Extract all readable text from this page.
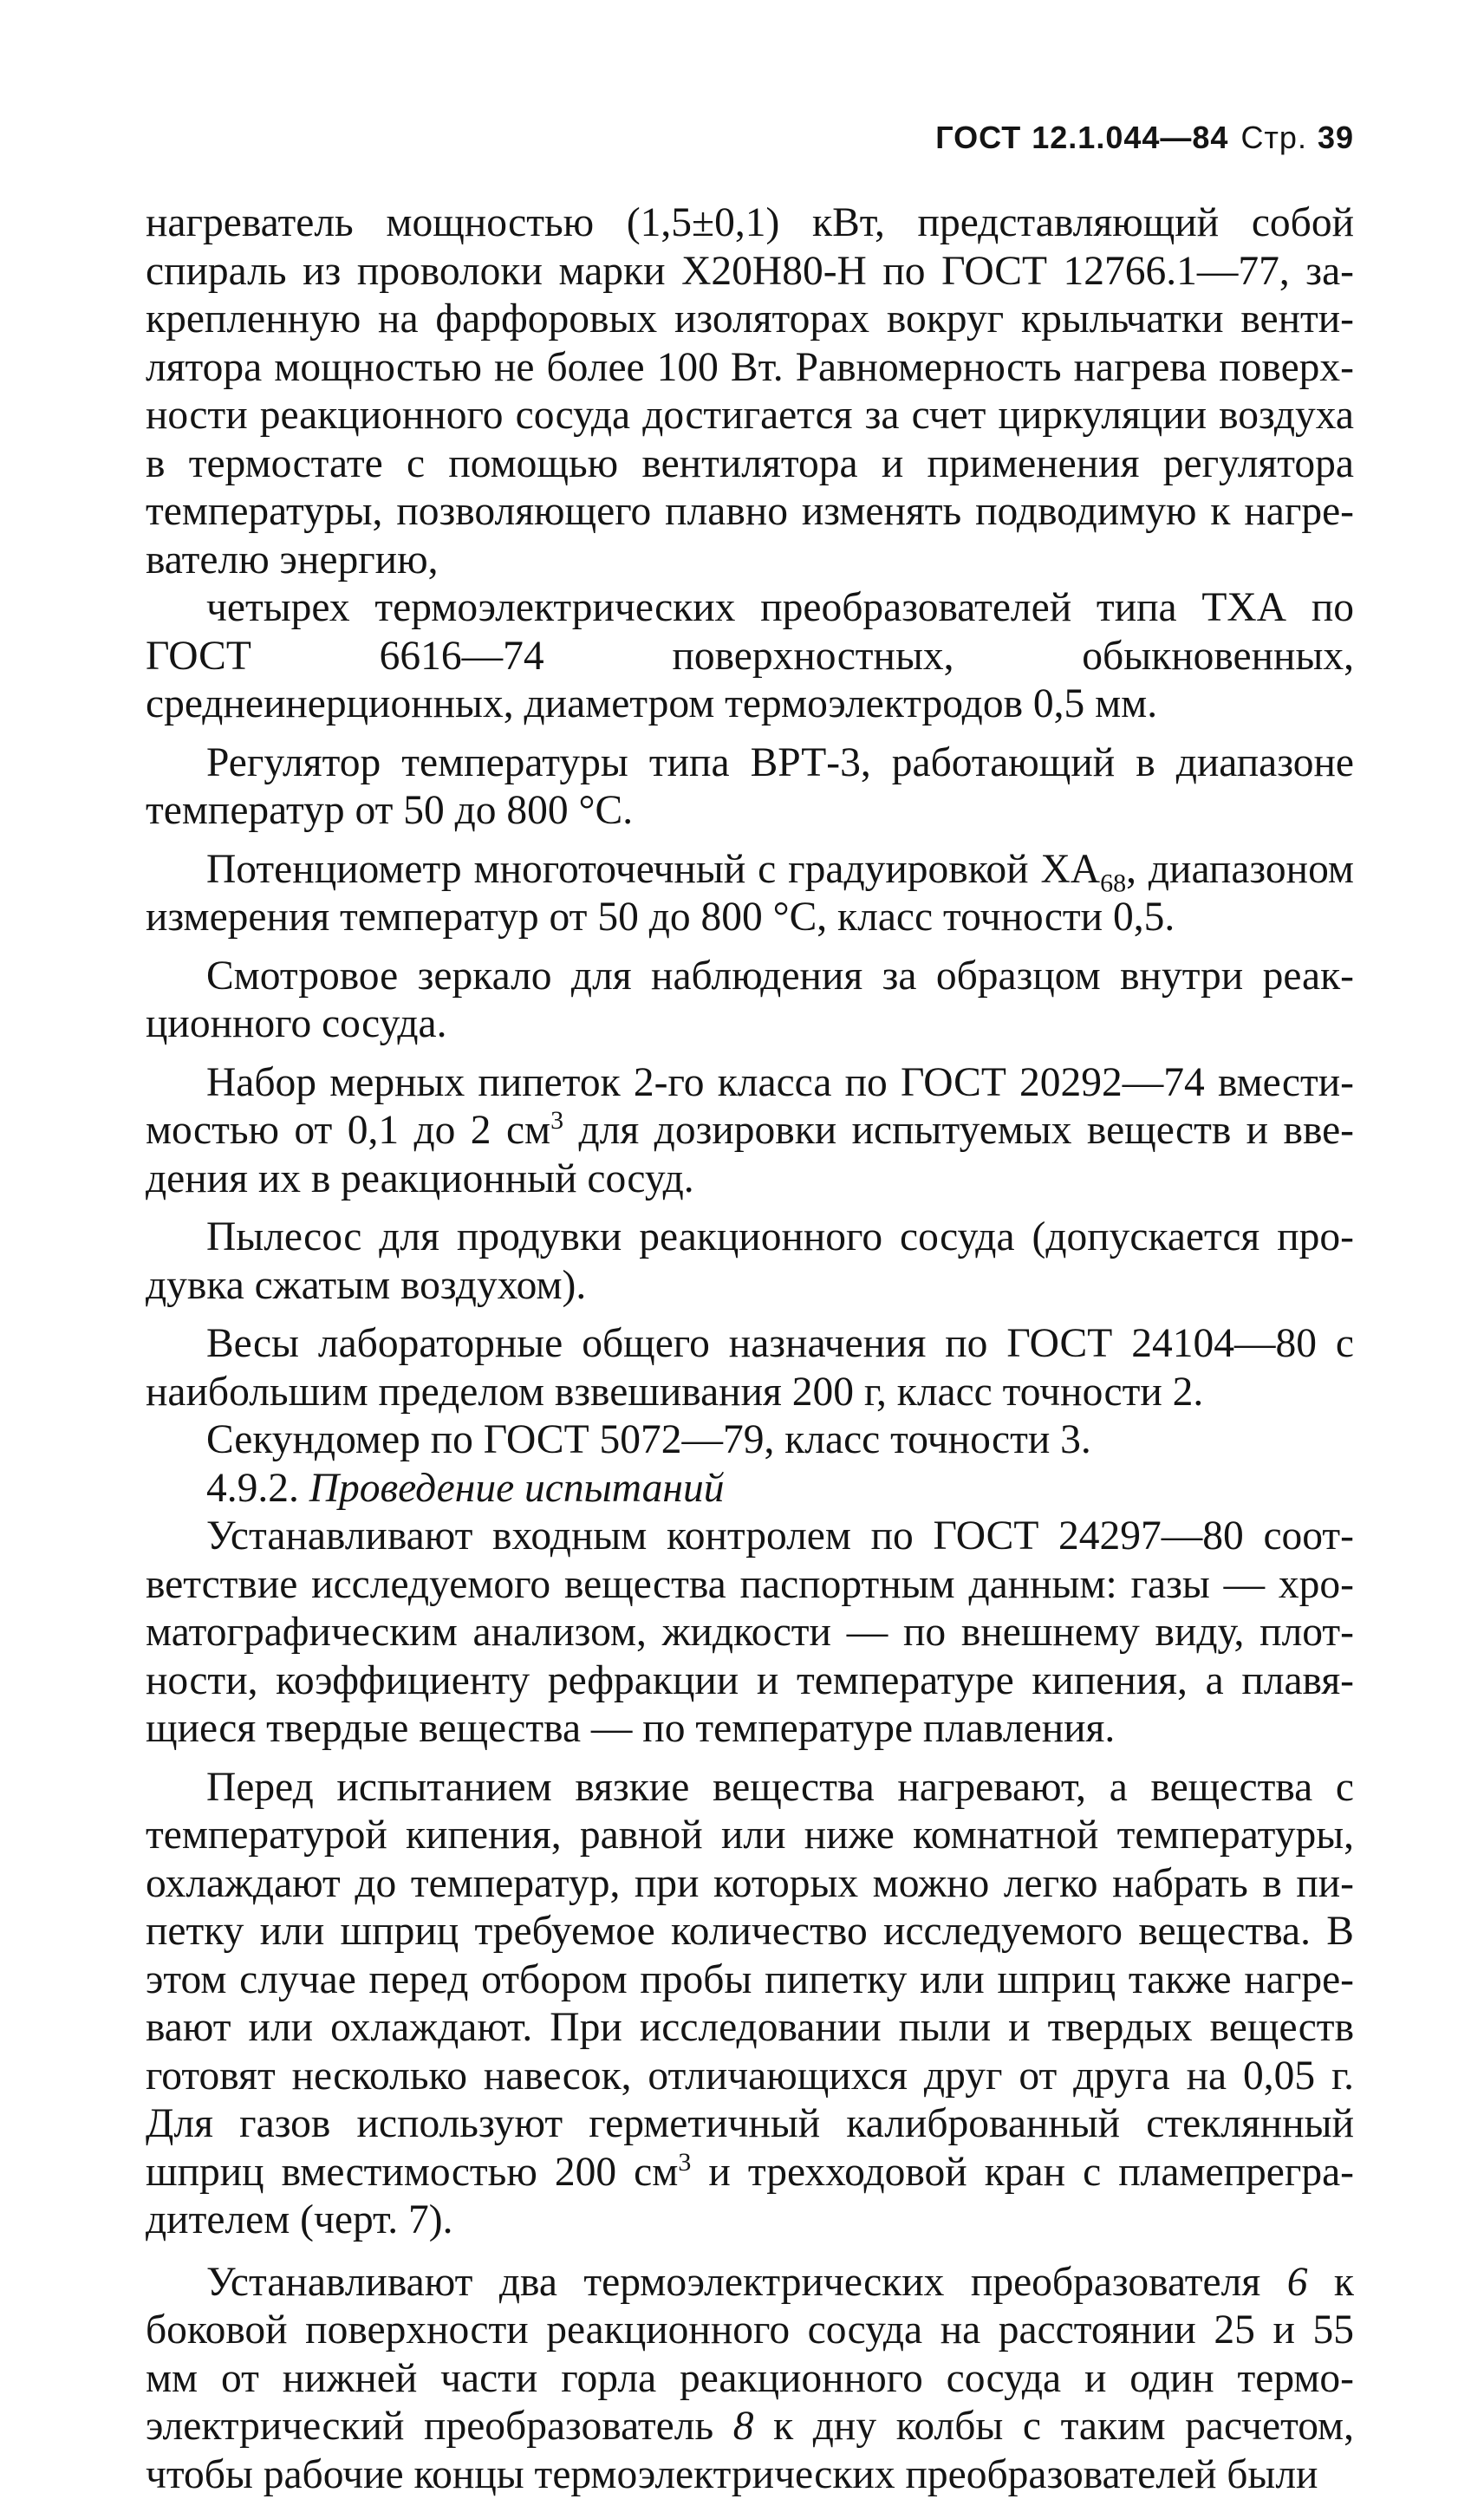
ГОСТ 12.1.044—84 Стр. 39

нагреватель мощностью (1,5±0,1) кВт, представляющий собой спираль из проволоки марки Х20Н80-Н по ГОСТ 12766.1—77, закрепленную на фарфоровых изоляторах вокруг крыльчатки вентилятора мощностью не более 100 Вт. Равномерность нагрева поверхности реакционного сосуда достигается за счет циркуляции воздуха в термостате с помощью вентилятора и применения регулятора температуры, позволяющего плавно изменять подводимую к нагревателю энергию,

четырех термоэлектрических преобразователей типа ТХА по ГОСТ 6616—74 поверхностных, обыкновенных, среднеинерционных, диаметром термоэлектродов 0,5 мм.

Регулятор температуры типа ВРТ-3, работающий в диапазоне температур от 50 до 800 °С.

Потенциометр многоточечный с градуировкой $ХА_{68}$, диапазоном измерения температур от 50 до 800 °С, класс точности 0,5.

Смотровое зеркало для наблюдения за образцом внутри реакционного сосуда.

Набор мерных пипеток 2-го класса по ГОСТ 20292—74 вместимостью от 0,1 до 2 $см^3$ для дозировки испытуемых веществ и введения их в реакционный сосуд.

Пылесос для продувки реакционного сосуда (допускается продувка сжатым воздухом).

Весы лабораторные общего назначения по ГОСТ 24104—80 с наибольшим пределом взвешивания 200 г, класс точности 2.

Секундомер по ГОСТ 5072—79, класс точности 3.

4.9.2. Проведение испытаний

Устанавливают входным контролем по ГОСТ 24297—80 соответствие исследуемого вещества паспортным данным: газы — хроматографическим анализом, жидкости — по внешнему виду, плотности, коэффициенту рефракции и температуре кипения, а плавящиеся твердые вещества — по температуре плавления.

Перед испытанием вязкие вещества нагревают, а вещества с температурой кипения, равной или ниже комнатной температуры, охлаждают до температур, при которых можно легко набрать в пипетку или шприц требуемое количество исследуемого вещества. В этом случае перед отбором пробы пипетку или шприц также нагревают или охлаждают. При исследовании пыли и твердых веществ готовят несколько навесок, отличающихся друг от друга на 0,05 г. Для газов используют герметичный калиброванный стеклянный шприц вместимостью 200 $см^3$ и трехходовой кран с пламепреградителем (черт. 7).

Устанавливают два термоэлектрических преобразователя 6 к боковой поверхности реакционного сосуда на расстоянии 25 и 55 мм от нижней части горла реакционного сосуда и один термоэлектрический преобразователь 8 к дну колбы с таким расчетом, чтобы рабочие концы термоэлектрических преобразователей были
